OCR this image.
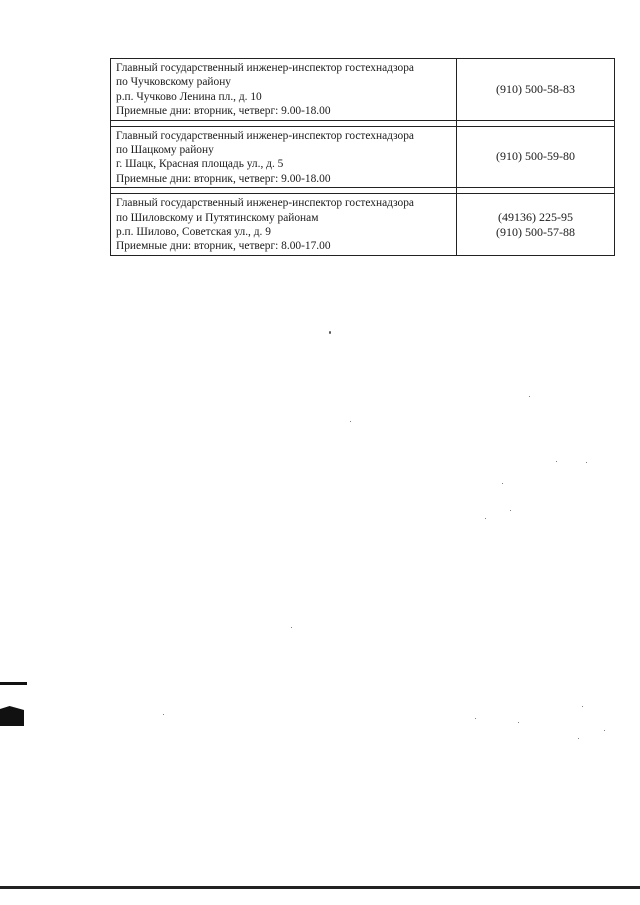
Главный государственный инженер-инспектор гостехнадзора
по Чучковскому району
р.п. Чучково Ленина пл., д. 10
Приемные дни: вторник, четверг: 9.00-18.00	(910) 500-58-83

Главный государственный инженер-инспектор гостехнадзора
по Шацкому району
г. Шацк, Красная площадь ул., д. 5
Приемные дни: вторник, четверг: 9.00-18.00	(910) 500-59-80

Главный государственный инженер-инспектор гостехнадзора
по Шиловскому и Путятинскому районам
р.п. Шилово, Советская ул., д. 9
Приемные дни: вторник, четверг: 8.00-17.00	(49136) 225-95
(910) 500-57-88
